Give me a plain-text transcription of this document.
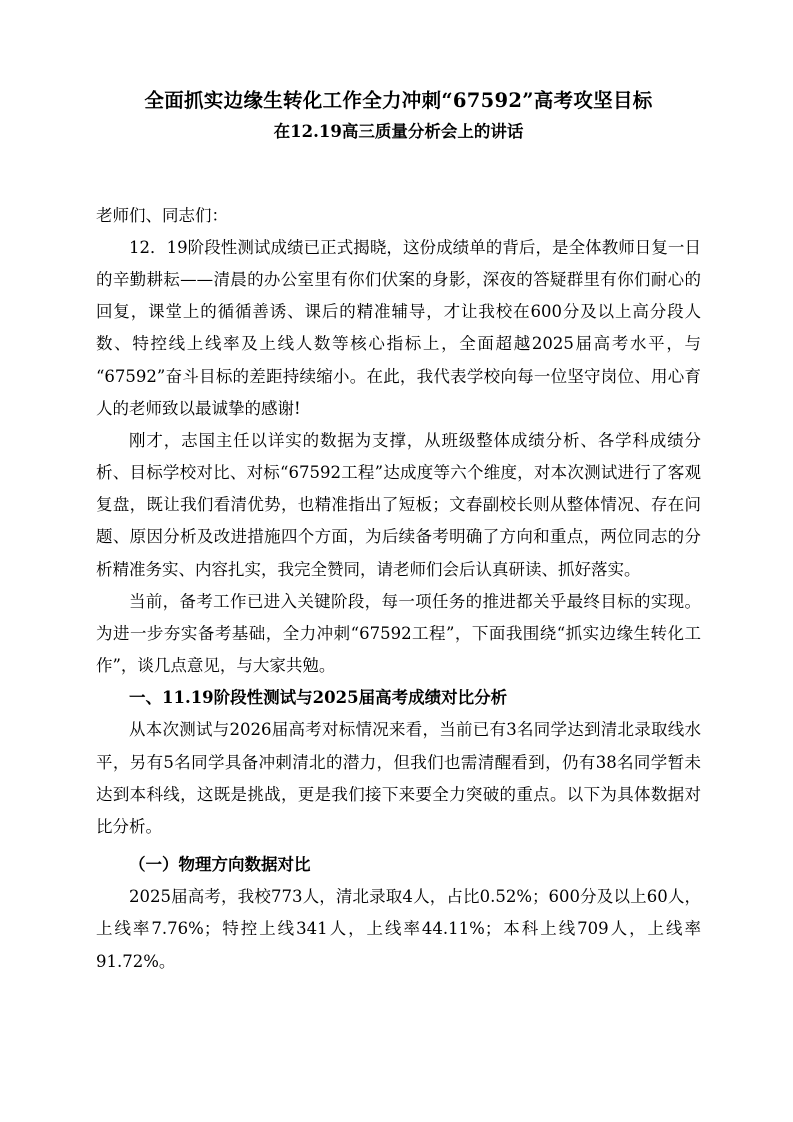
全面抓实边缘生转化工作全力冲刺“67592”高考攻坚目标
在12.19高三质量分析会上的讲话

老师们、同志们：

12．19阶段性测试成绩已正式揭晓，这份成绩单的背后，是全体教师日复一日的辛勤耕耘——清晨的办公室里有你们伏案的身影，深夜的答疑群里有你们耐心的回复，课堂上的循循善诱、课后的精准辅导，才让我校在600分及以上高分段人数、特控线上线率及上线人数等核心指标上，全面超越2025届高考水平，与“67592”奋斗目标的差距持续缩小。在此，我代表学校向每一位坚守岗位、用心育人的老师致以最诚挚的感谢!

刚才，志国主任以详实的数据为支撑，从班级整体成绩分析、各学科成绩分析、目标学校对比、对标“67592工程”达成度等六个维度，对本次测试进行了客观复盘，既让我们看清优势，也精准指出了短板；文春副校长则从整体情况、存在问题、原因分析及改进措施四个方面，为后续备考明确了方向和重点，两位同志的分析精准务实、内容扎实，我完全赞同，请老师们会后认真研读、抓好落实。

当前，备考工作已进入关键阶段，每一项任务的推进都关乎最终目标的实现。为进一步夯实备考基础，全力冲刺“67592工程”，下面我围绕“抓实边缘生转化工作”，谈几点意见，与大家共勉。

一、11.19阶段性测试与2025届高考成绩对比分析

从本次测试与2026届高考对标情况来看，当前已有3名同学达到清北录取线水平，另有5名同学具备冲刺清北的潜力，但我们也需清醒看到，仍有38名同学暂未达到本科线，这既是挑战，更是我们接下来要全力突破的重点。以下为具体数据对比分析。

（一）物理方向数据对比

2025届高考，我校773人，清北录取4人，占比0.52%；600分及以上60人，上线率7.76%；特控上线341人，上线率44.11%；本科上线709人，上线率91.72%。
